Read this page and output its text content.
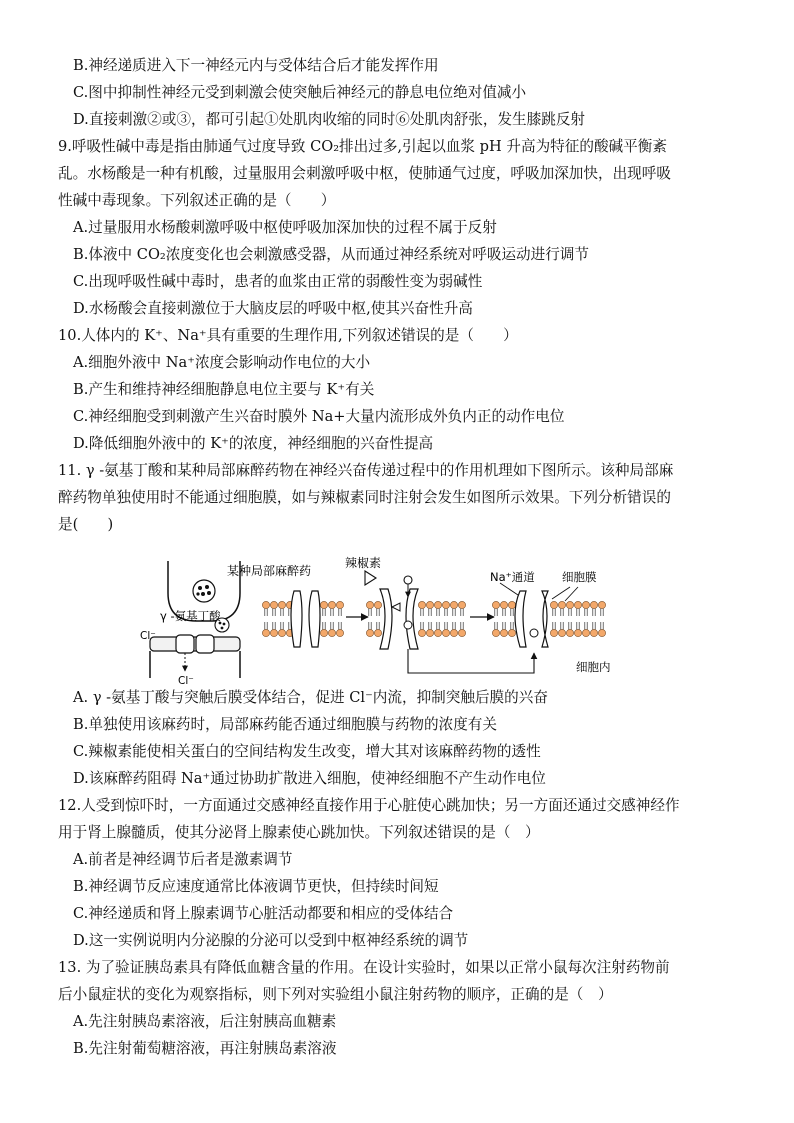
B.神经递质进入下一神经元内与受体结合后才能发挥作用
C.图中抑制性神经元受到刺激会使突触后神经元的静息电位绝对值减小
D.直接刺激②或③，都可引起①处肌肉收缩的同时⑥处肌肉舒张，发生膝跳反射
9.呼吸性碱中毒是指由肺通气过度导致 CO₂排出过多,引起以血浆 pH 升高为特征的酸碱平衡紊
乱。水杨酸是一种有机酸，过量服用会刺激呼吸中枢，使肺通气过度，呼吸加深加快，出现呼吸
性碱中毒现象。下列叙述正确的是（　　）
A.过量服用水杨酸刺激呼吸中枢使呼吸加深加快的过程不属于反射
B.体液中 CO₂浓度变化也会刺激感受器，从而通过神经系统对呼吸运动进行调节
C.出现呼吸性碱中毒时，患者的血浆由正常的弱酸性变为弱碱性
D.水杨酸会直接刺激位于大脑皮层的呼吸中枢,使其兴奋性升高
10.人体内的 K⁺、Na⁺具有重要的生理作用,下列叙述错误的是（　　）
A.细胞外液中 Na⁺浓度会影响动作电位的大小
B.产生和维持神经细胞静息电位主要与 K⁺有关
C.神经细胞受到刺激产生兴奋时膜外 Na+大量内流形成外负内正的动作电位
D.降低细胞外液中的 K⁺的浓度，神经细胞的兴奋性提高
11. γ -氨基丁酸和某种局部麻醉药物在神经兴奋传递过程中的作用机理如下图所示。该种局部麻
醉药物单独使用时不能通过细胞膜，如与辣椒素同时注射会发生如图所示效果。下列分析错误的
是(　　)
γ -氨基丁酸
Cl⁻
Cl⁻
某种局部麻醉药
辣椒素
Na⁺通道 细胞膜
细胞内
A. γ -氨基丁酸与突触后膜受体结合，促进 Cl⁻内流，抑制突触后膜的兴奋
B.单独使用该麻药时，局部麻药能否通过细胞膜与药物的浓度有关
C.辣椒素能使相关蛋白的空间结构发生改变，增大其对该麻醉药物的透性
D.该麻醉药阻碍 Na⁺通过协助扩散进入细胞，使神经细胞不产生动作电位
12.人受到惊吓时，一方面通过交感神经直接作用于心脏使心跳加快；另一方面还通过交感神经作
用于肾上腺髓质，使其分泌肾上腺素使心跳加快。下列叙述错误的是（　）
A.前者是神经调节后者是激素调节
B.神经调节反应速度通常比体液调节更快，但持续时间短
C.神经递质和肾上腺素调节心脏活动都要和相应的受体结合
D.这一实例说明内分泌腺的分泌可以受到中枢神经系统的调节
13. 为了验证胰岛素具有降低血糖含量的作用。在设计实验时，如果以正常小鼠每次注射药物前
后小鼠症状的变化为观察指标，则下列对实验组小鼠注射药物的顺序，正确的是（　）
A.先注射胰岛素溶液，后注射胰高血糖素
B.先注射葡萄糖溶液，再注射胰岛素溶液
